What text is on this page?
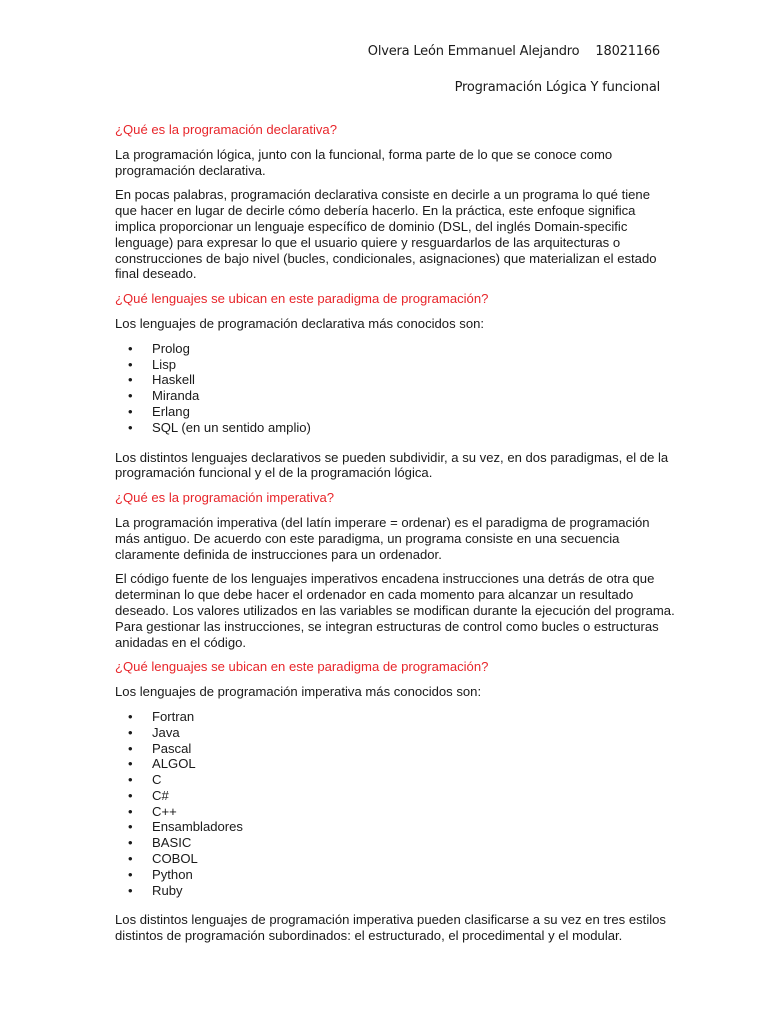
Olvera León Emmanuel Alejandro 18021166
Programación Lógica Y funcional
¿Qué es la programación declarativa?

La programación lógica, junto con la funcional, forma parte de lo que se conoce como programación declarativa.

En pocas palabras, programación declarativa consiste en decirle a un programa lo qué tiene que hacer en lugar de decirle cómo debería hacerlo. En la práctica, este enfoque significa implica proporcionar un lenguaje específico de dominio (DSL, del inglés Domain-specific lenguage) para expresar lo que el usuario quiere y resguardarlos de las arquitecturas o construcciones de bajo nivel (bucles, condicionales, asignaciones) que materializan el estado final deseado.

¿Qué lenguajes se ubican en este paradigma de programación?

Los lenguajes de programación declarativa más conocidos son:

• Prolog
• Lisp
• Haskell
• Miranda
• Erlang
• SQL (en un sentido amplio)

Los distintos lenguajes declarativos se pueden subdividir, a su vez, en dos paradigmas, el de la programación funcional y el de la programación lógica.

¿Qué es la programación imperativa?

La programación imperativa (del latín imperare = ordenar) es el paradigma de programación más antiguo. De acuerdo con este paradigma, un programa consiste en una secuencia claramente definida de instrucciones para un ordenador.

El código fuente de los lenguajes imperativos encadena instrucciones una detrás de otra que determinan lo que debe hacer el ordenador en cada momento para alcanzar un resultado deseado. Los valores utilizados en las variables se modifican durante la ejecución del programa. Para gestionar las instrucciones, se integran estructuras de control como bucles o estructuras anidadas en el código.

¿Qué lenguajes se ubican en este paradigma de programación?

Los lenguajes de programación imperativa más conocidos son:

• Fortran
• Java
• Pascal
• ALGOL
• C
• C#
• C++
• Ensambladores
• BASIC
• COBOL
• Python
• Ruby

Los distintos lenguajes de programación imperativa pueden clasificarse a su vez en tres estilos distintos de programación subordinados: el estructurado, el procedimental y el modular.
